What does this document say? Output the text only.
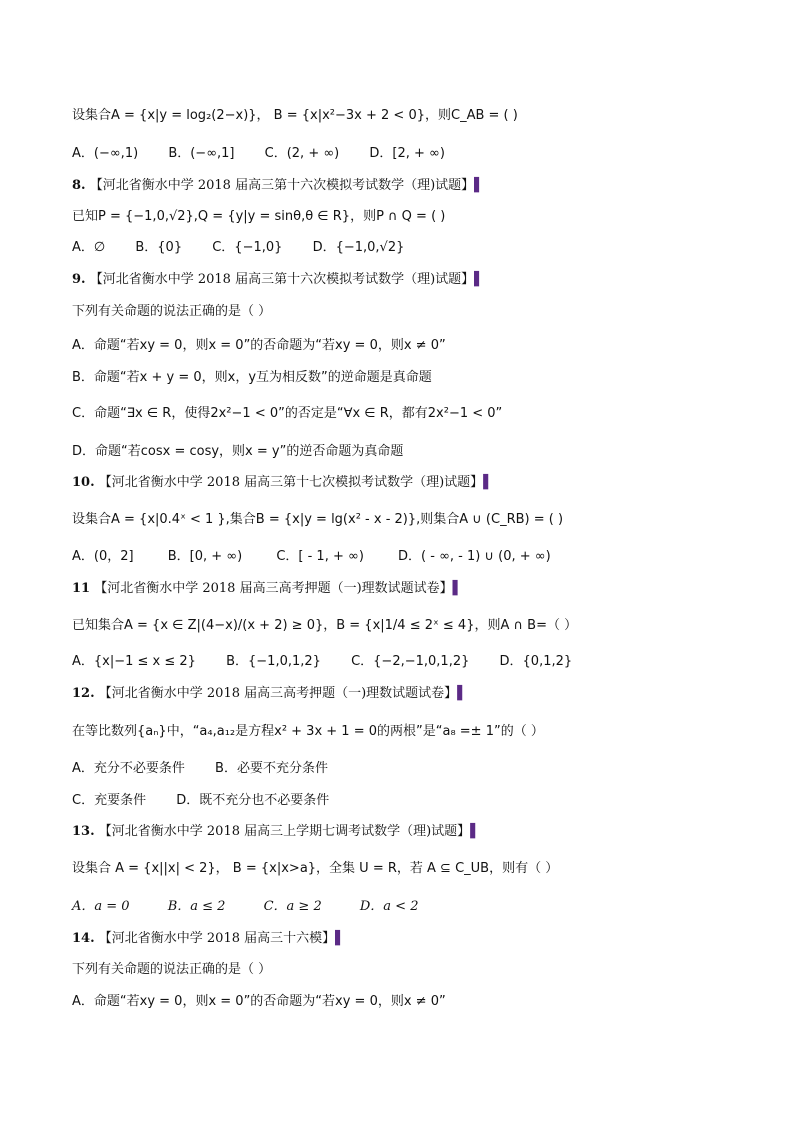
设集合A = {x|y = log₂(2−x)}， B = {x|x²−3x + 2 < 0}，则C_AB = ( )
A．(−∞,1) B．(−∞,1] C．(2, + ∞) D．[2, + ∞)
8. 【河北省衡水中学 2018 届高三第十六次模拟考试数学（理)试题】▌
已知P = {−1,0,√2},Q = {y|y = sinθ,θ ∈ R}，则P ∩ Q = ( )
A．∅ B．{0} C．{−1,0} D．{−1,0,√2}
9. 【河北省衡水中学 2018 届高三第十六次模拟考试数学（理)试题】▌
下列有关命题的说法正确的是（ ）
A．命题“若xy = 0，则x = 0”的否命题为“若xy = 0，则x ≠ 0”
B．命题“若x + y = 0，则x，y互为相反数”的逆命题是真命题
C．命题“∃x ∈ R，使得2x²−1 < 0”的否定是“∀x ∈ R，都有2x²−1 < 0”
D．命题“若cosx = cosy，则x = y”的逆否命题为真命题
10. 【河北省衡水中学 2018 届高三第十七次模拟考试数学（理)试题】▌
设集合A = {x|0.4ˣ < 1 },集合B = {x|y = lg(x² - x - 2)},则集合A ∪ (C_RB) = ( )
A．(0，2]	B．[0, + ∞)	C．[ - 1, + ∞)	D．( - ∞, - 1) ∪ (0, + ∞)
11 【河北省衡水中学 2018 届高三高考押题（一)理数试题试卷】▌
已知集合A = {x ∈ Z|(4−x)/(x + 2) ≥ 0}，B = {x|1/4 ≤ 2ˣ ≤ 4}，则A ∩ B=（ ）
A．{x|−1 ≤ x ≤ 2} B．{−1,0,1,2} C．{−2,−1,0,1,2} D．{0,1,2}
12. 【河北省衡水中学 2018 届高三高考押题（一)理数试题试卷】▌
在等比数列{aₙ}中，“a₄,a₁₂是方程x² + 3x + 1 = 0的两根”是“a₈ =± 1”的（ ）
A．充分不必要条件 B．必要不充分条件
C．充要条件 D．既不充分也不必要条件
13. 【河北省衡水中学 2018 届高三上学期七调考试数学（理)试题】▌
设集合 A = {x||x| < 2}， B = {x|x>a}，全集 U = R，若 A ⊆ C_UB，则有（ ）
A．a = 0	B．a ≤ 2	C．a ≥ 2	D．a < 2
14. 【河北省衡水中学 2018 届高三十六模】▌
下列有关命题的说法正确的是（ ）
A．命题“若xy = 0，则x = 0”的否命题为“若xy = 0，则x ≠ 0”
